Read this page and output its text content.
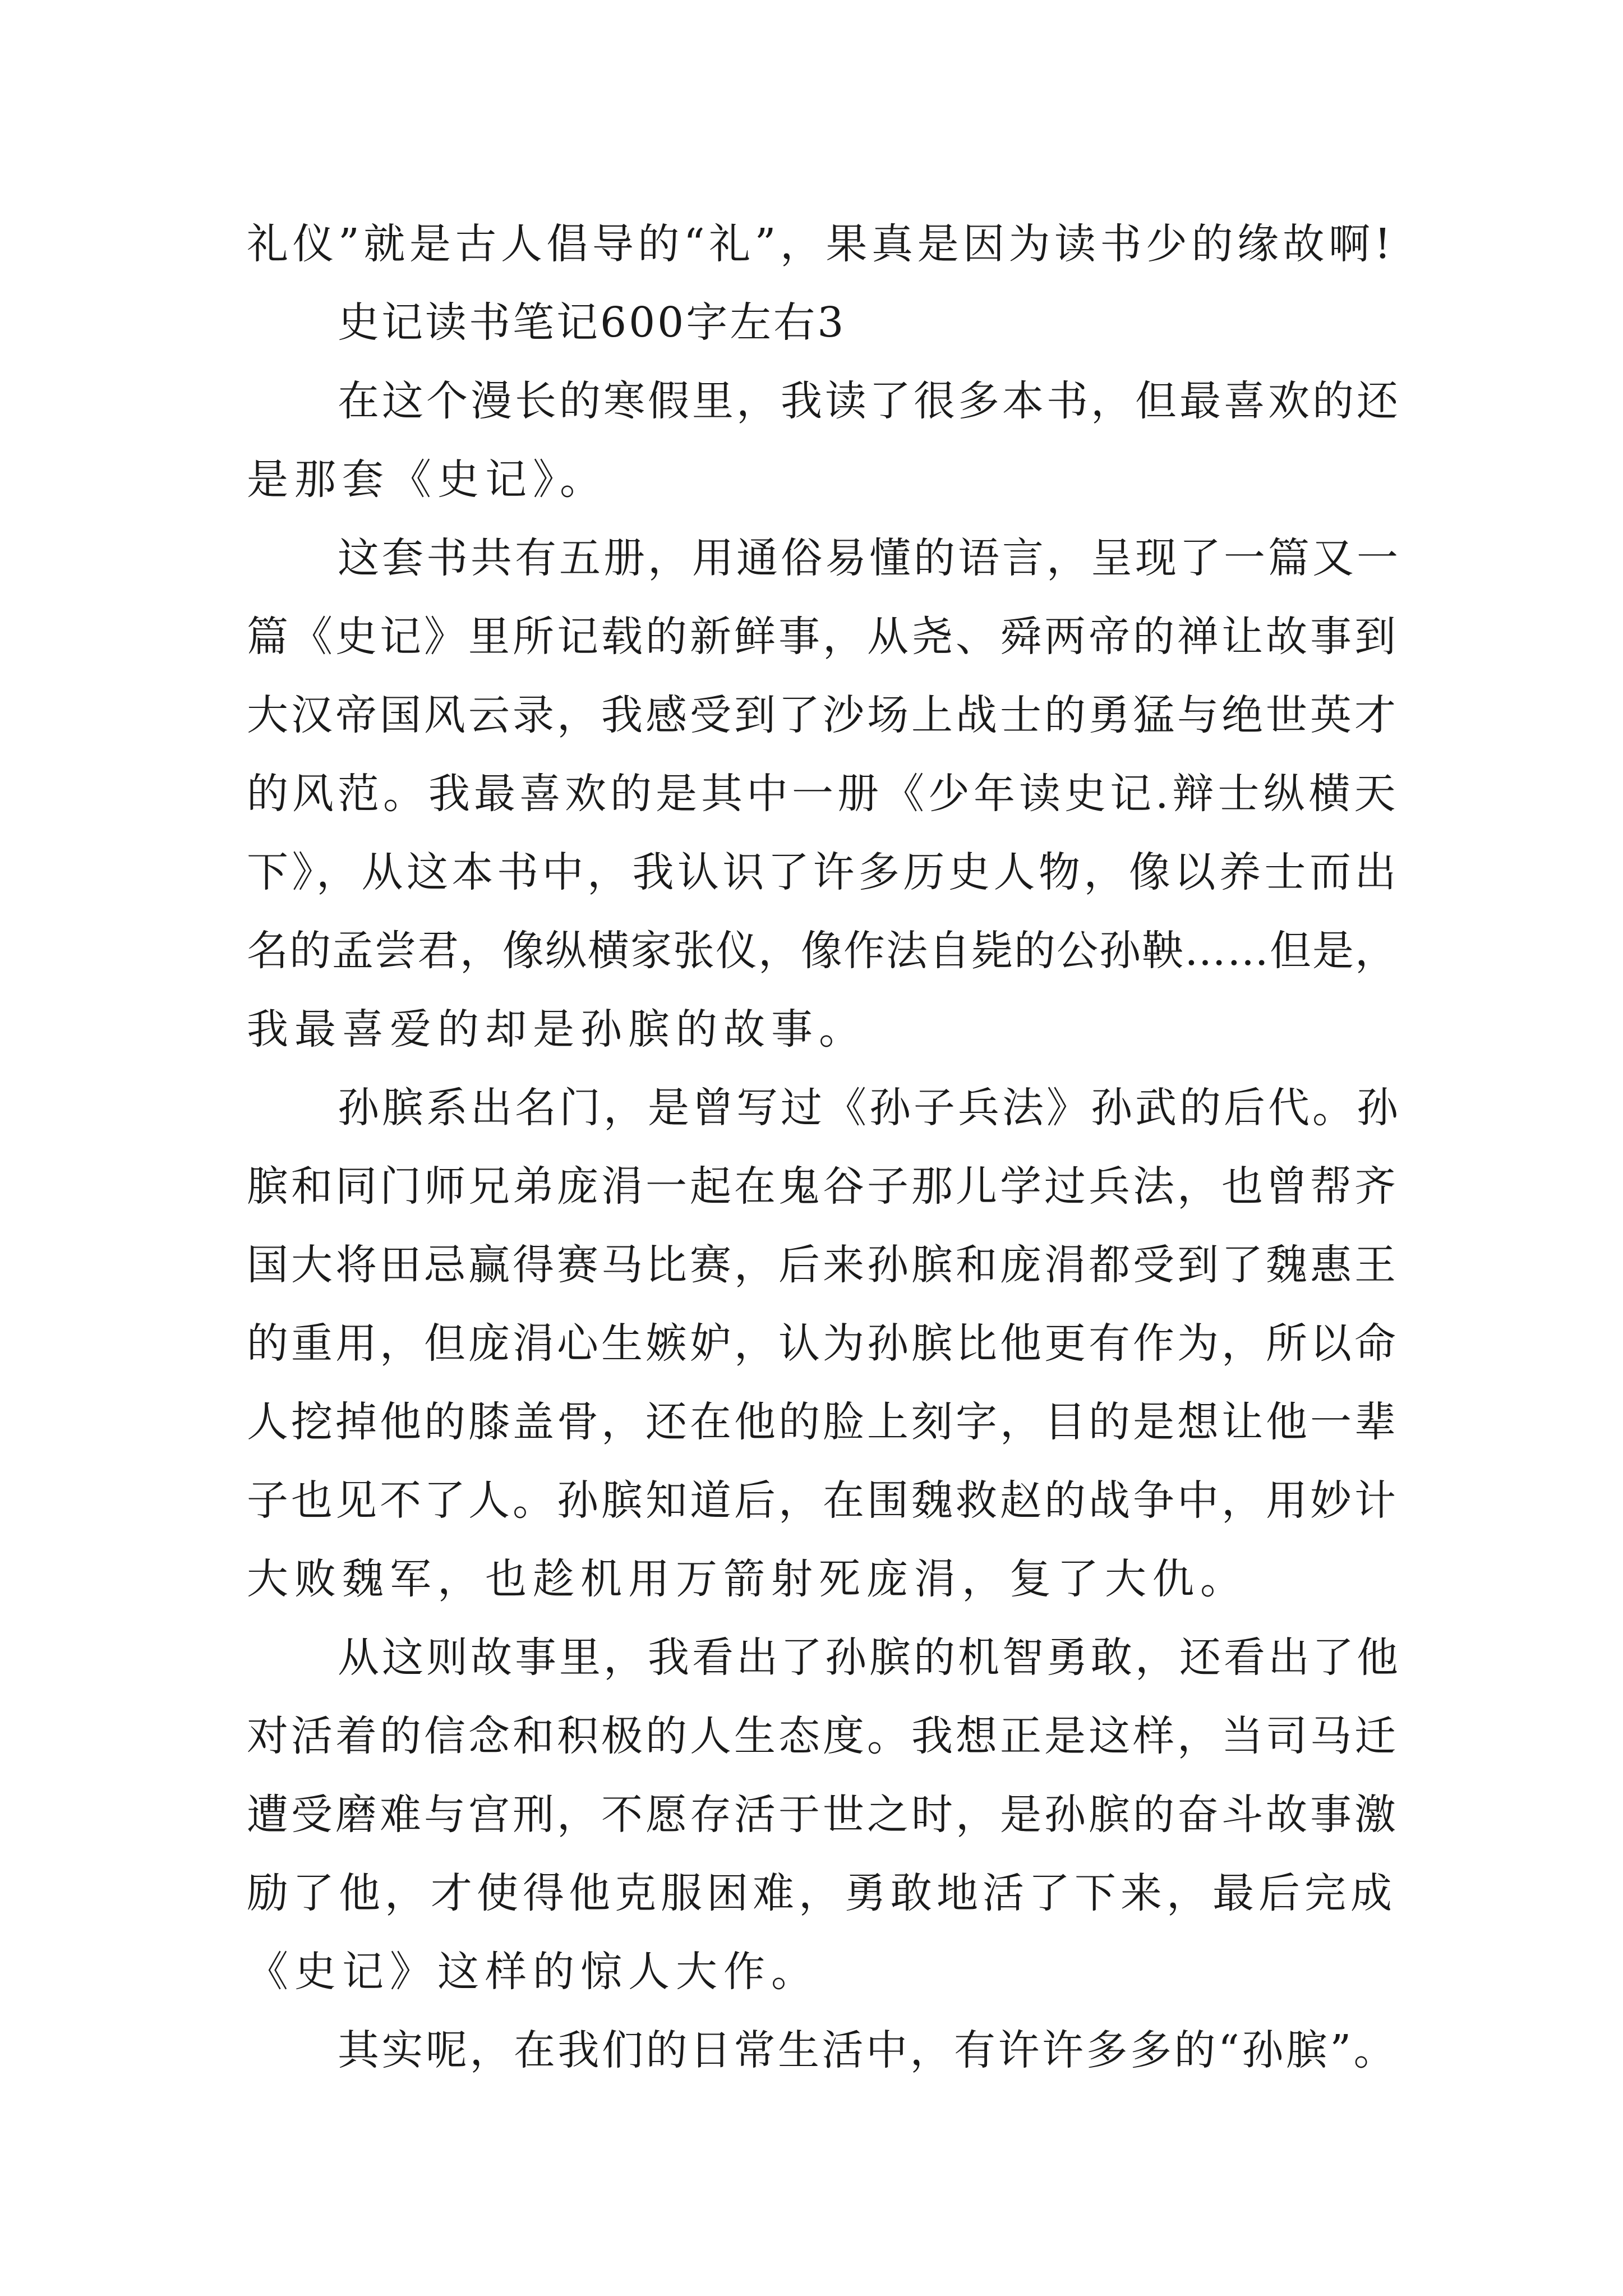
礼仪”就是古人倡导的“礼”，果真是因为读书少的缘故啊!
史记读书笔记600字左右3
在这个漫长的寒假里，我读了很多本书，但最喜欢的还
是那套《史记》。
这套书共有五册，用通俗易懂的语言，呈现了一篇又一
篇《史记》里所记载的新鲜事，从尧、舜两帝的禅让故事到
大汉帝国风云录，我感受到了沙场上战士的勇猛与绝世英才
的风范。我最喜欢的是其中一册《少年读史记.辩士纵横天
下》，从这本书中，我认识了许多历史人物，像以养士而出
名的孟尝君，像纵横家张仪，像作法自毙的公孙鞅……但是，
我最喜爱的却是孙膑的故事。
孙膑系出名门，是曾写过《孙子兵法》孙武的后代。孙
膑和同门师兄弟庞涓一起在鬼谷子那儿学过兵法，也曾帮齐
国大将田忌赢得赛马比赛，后来孙膑和庞涓都受到了魏惠王
的重用，但庞涓心生嫉妒，认为孙膑比他更有作为，所以命
人挖掉他的膝盖骨，还在他的脸上刻字，目的是想让他一辈
子也见不了人。孙膑知道后，在围魏救赵的战争中，用妙计
大败魏军，也趁机用万箭射死庞涓，复了大仇。
从这则故事里，我看出了孙膑的机智勇敢，还看出了他
对活着的信念和积极的人生态度。我想正是这样，当司马迁
遭受磨难与宫刑，不愿存活于世之时，是孙膑的奋斗故事激
励了他，才使得他克服困难，勇敢地活了下来，最后完成
《史记》这样的惊人大作。
其实呢，在我们的日常生活中，有许许多多的“孙膑”。
